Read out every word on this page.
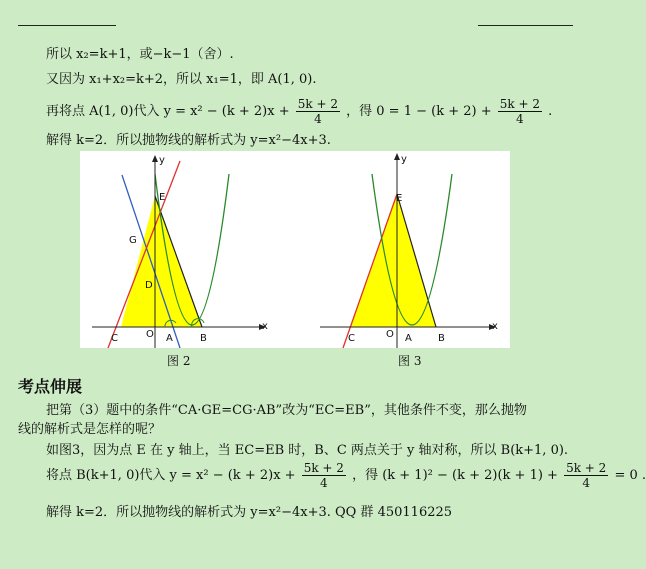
所以 x₂=k+1，或−k−1（舍）.
又因为 x₁+x₂=k+2，所以 x₁=1，即 A(1, 0).
再将点 A(1, 0)代入 $y = x^2 - (k + 2)x + \frac{5k + 2}{4}$ ，得 $0 = 1 - (k + 2) + \frac{5k + 2}{4}$ .
解得 k=2．所以抛物线的解析式为 y=x²−4x+3.
y
x
E
G
D
C	O A	B
y
x
E
C	O A	B
图 2	图 3
考点伸展
把第（3）题中的条件“CA·GE=CG·AB”改为“EC=EB”，其他条件不变，那么抛物
线的解析式是怎样的呢？
如图3，因为点 E 在 y 轴上，当 EC=EB 时，B、C 两点关于 y 轴对称，所以 B(k+1, 0).
将点 B(k+1, 0)代入 $y = x^2 - (k + 2)x + \frac{5k + 2}{4}$ ，得 $(k + 1)^2 - (k + 2)(k + 1) + \frac{5k + 2}{4} = 0$ .
解得 k=2．所以抛物线的解析式为 y=x²−4x+3. QQ 群 450116225
